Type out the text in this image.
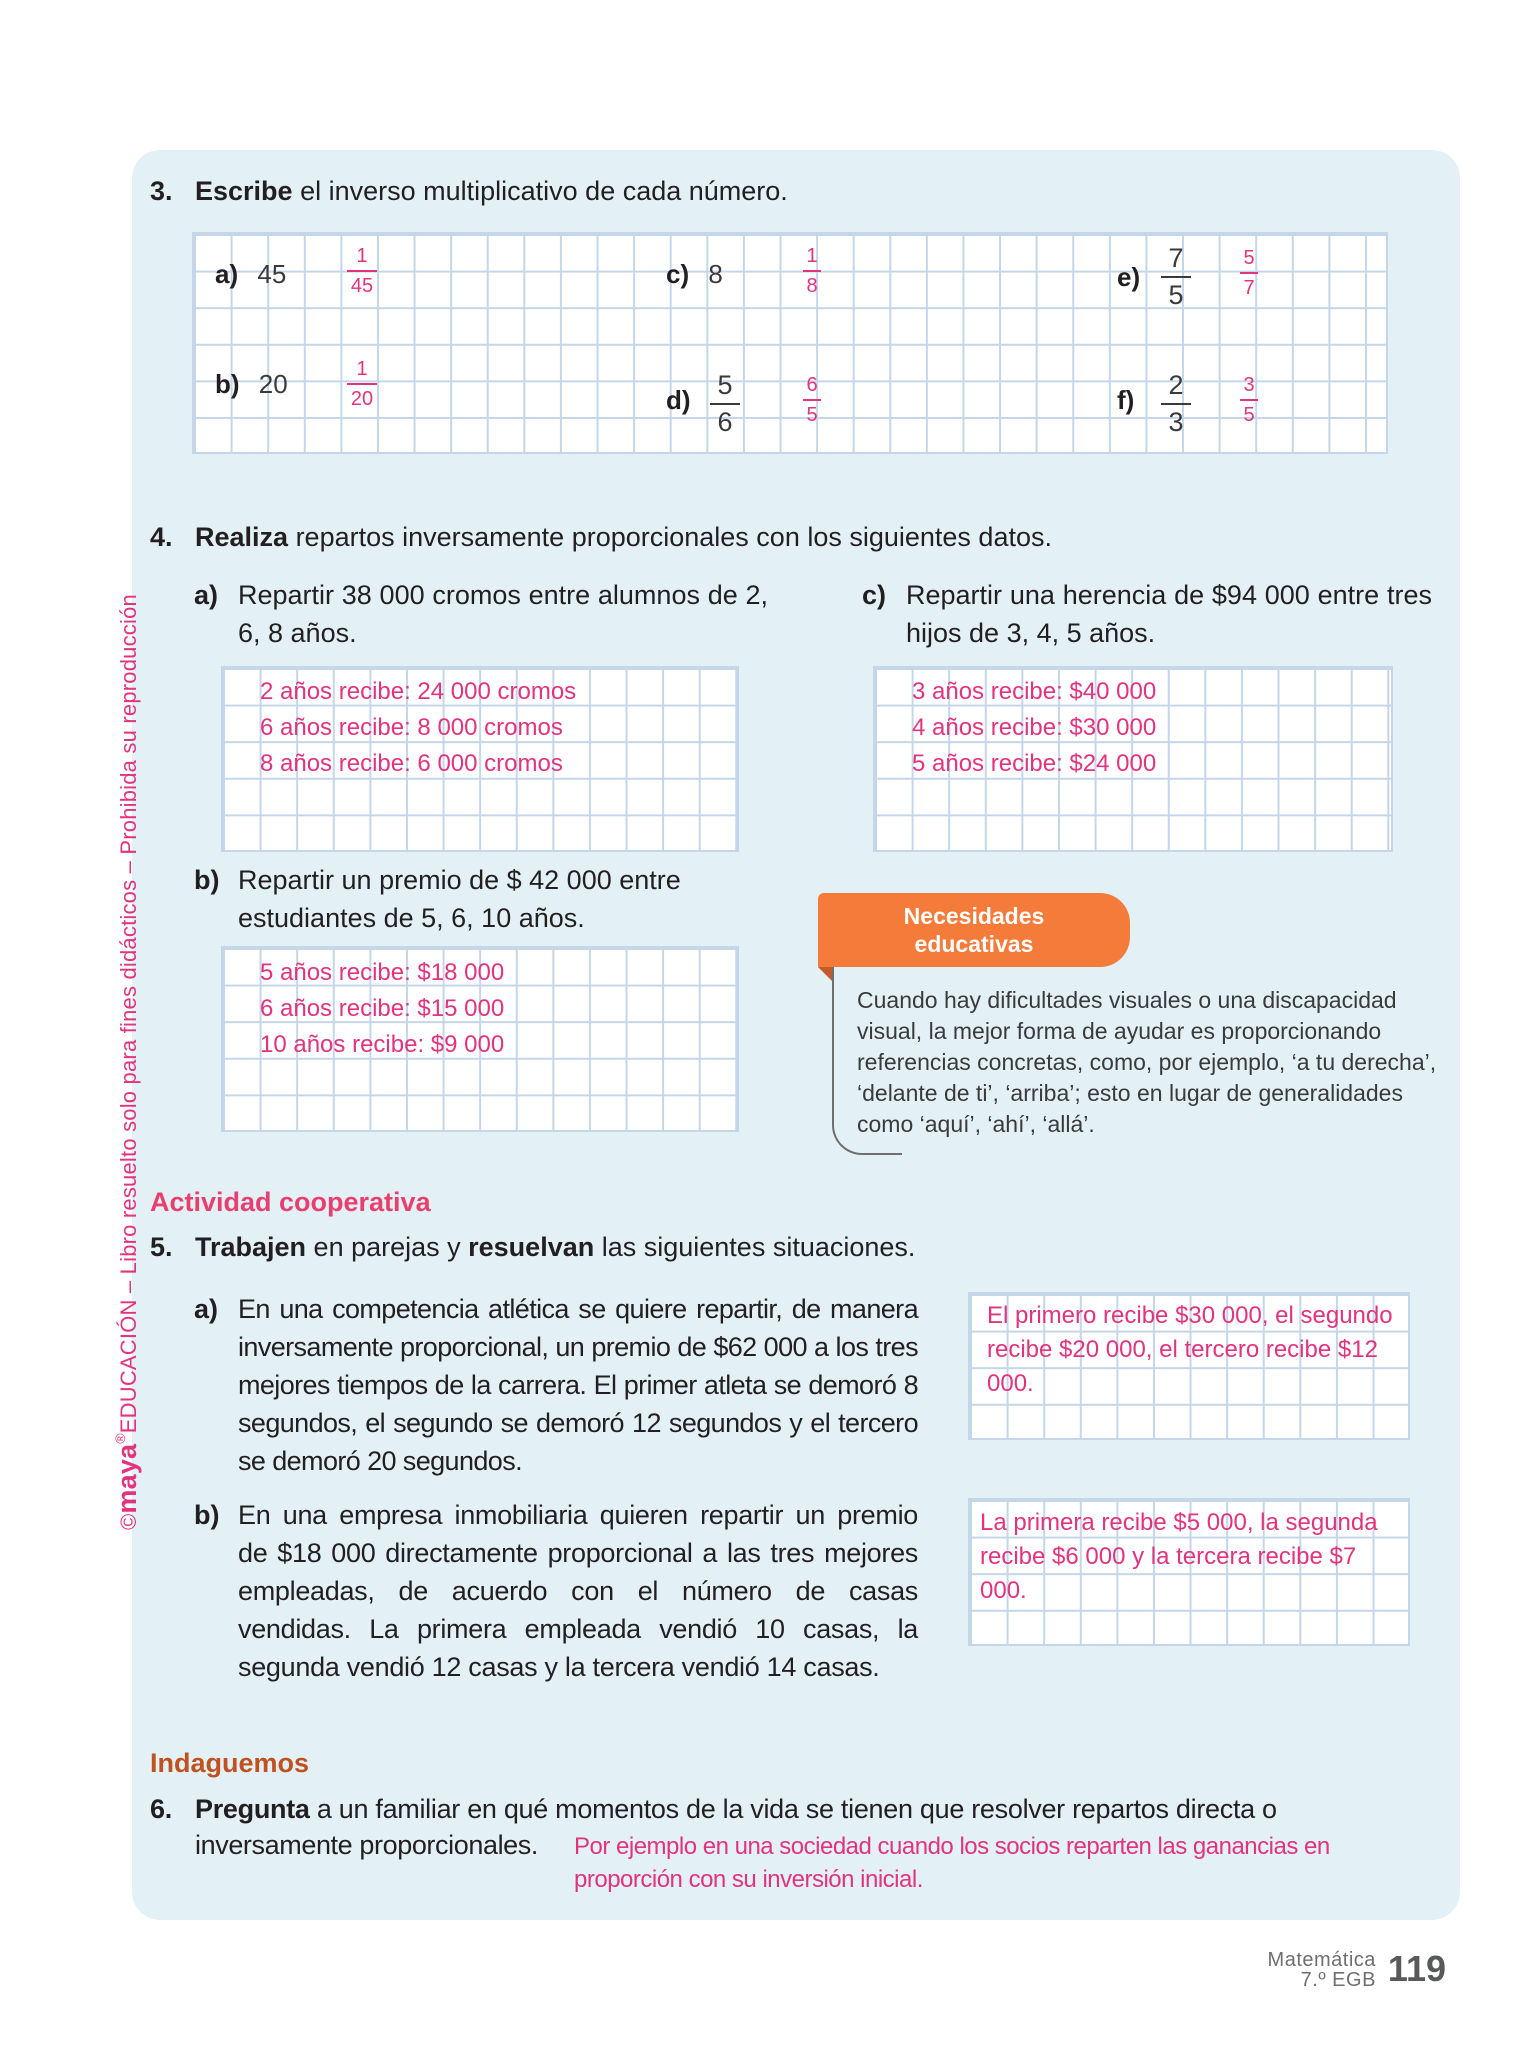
©maya®EDUCACIÓN – Libro resuelto solo para fines didácticos – Prohibida su reproducción
3. Escribe el inverso multiplicativo de cada número.
a) 45
1
45
b) 20	1
20
c) 8
1
8
d) 5
6
6
5
e)
7
5
5
7
f) 2
3
3
5
4. Realiza repartos inversamente proporcionales con los siguientes datos.
a) Repartir 38 000 cromos entre alumnos de 2, 6, 8 años.
2 años recibe: 24 000 cromos
6 años recibe: 8 000 cromos
8 años recibe: 6 000 cromos
c) Repartir una herencia de $94 000 entre tres hijos de 3, 4, 5 años.
3 años recibe: $40 000
4 años recibe: $30 000
5 años recibe: $24 000
b) Repartir un premio de $ 42 000 entre estudiantes de 5, 6, 10 años.
5 años recibe: $18 000
6 años recibe: $15 000
10 años recibe: $9 000
Necesidades
educativas
Cuando hay dificultades visuales o una discapacidad visual, la mejor forma de ayudar es proporcionando referencias concretas, como, por ejemplo, ‘a tu derecha’, ‘delante de ti’, ‘arriba’; esto en lugar de generalidades como ‘aquí’, ‘ahí’, ‘allá’.
Actividad cooperativa
5. Trabajen en parejas y resuelvan las siguientes situaciones.
a) En una competencia atlética se quiere repartir, de manera inversamente proporcional, un premio de $62 000 a los tres mejores tiempos de la carrera. El primer atleta se demoró 8 segundos, el segundo se demoró 12 segundos y el tercero se demoró 20 segundos.
El primero recibe $30 000, el segundo recibe $20 000, el tercero recibe $12 000.
b) En una empresa inmobiliaria quieren repartir un premio de $18 000 directamente proporcional a las tres mejores empleadas, de acuerdo con el número de casas vendidas. La primera empleada vendió 10 casas, la segunda vendió 12 casas y la tercera vendió 14 casas.
La primera recibe $5 000, la segunda recibe $6 000 y la tercera recibe $7 000.
Indaguemos
6. Pregunta a un familiar en qué momentos de la vida se tienen que resolver repartos directa o
inversamente proporcionales. Por ejemplo en una sociedad cuando los socios reparten las ganancias en
proporción con su inversión inicial.
Matemática
7.º EGB 119
